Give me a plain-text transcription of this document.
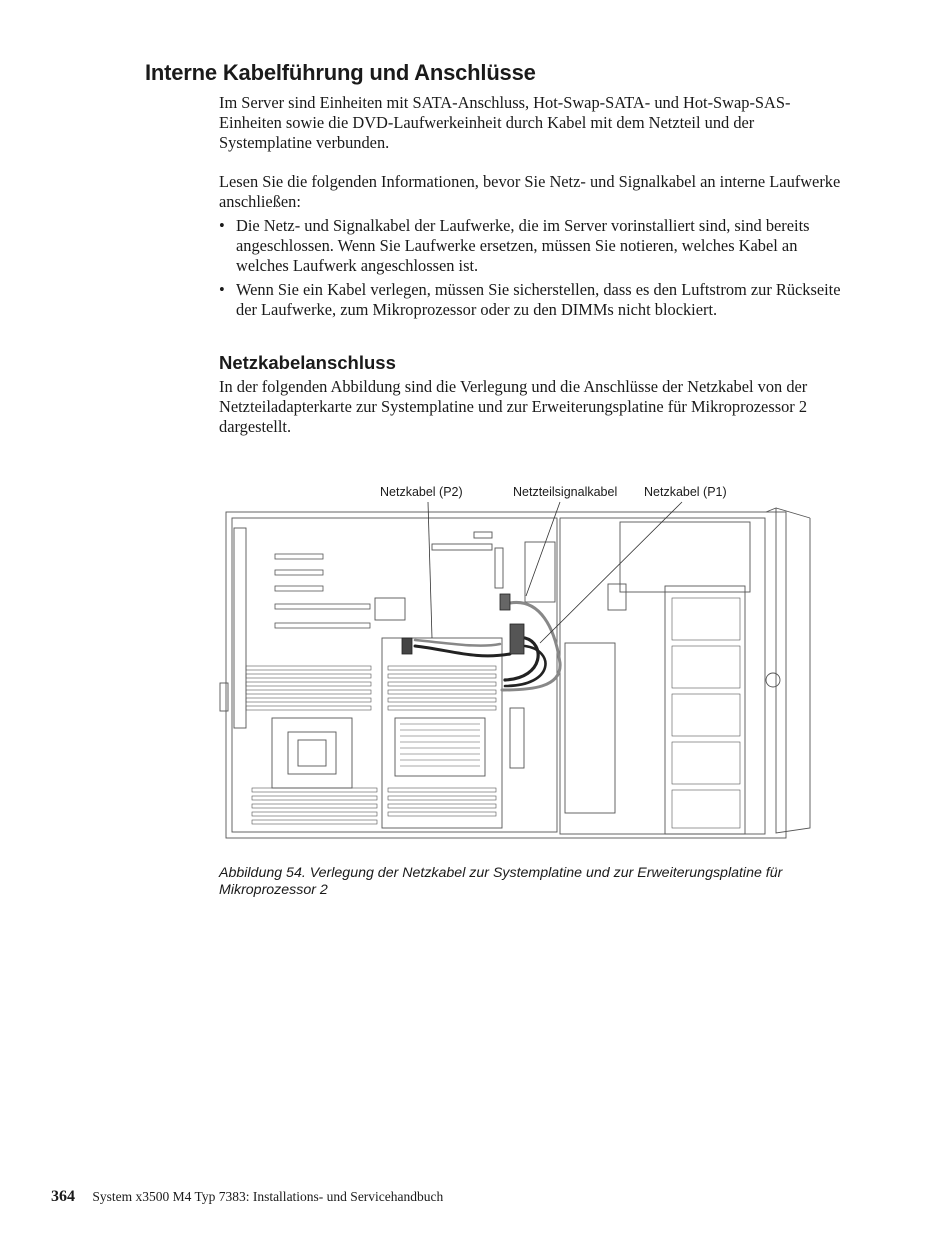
Interne Kabelführung und Anschlüsse

Im Server sind Einheiten mit SATA-Anschluss, Hot-Swap-SATA- und Hot-Swap-SAS-Einheiten sowie die DVD-Laufwerkeinheit durch Kabel mit dem Netzteil und der Systemplatine verbunden.

Lesen Sie die folgenden Informationen, bevor Sie Netz- und Signalkabel an interne Laufwerke anschließen:

• Die Netz- und Signalkabel der Laufwerke, die im Server vorinstalliert sind, sind bereits angeschlossen. Wenn Sie Laufwerke ersetzen, müssen Sie notieren, welches Kabel an welches Laufwerk angeschlossen ist.
• Wenn Sie ein Kabel verlegen, müssen Sie sicherstellen, dass es den Luftstrom zur Rückseite der Laufwerke, zum Mikroprozessor oder zu den DIMMs nicht blockiert.
Netzkabelanschluss

In der folgenden Abbildung sind die Verlegung und die Anschlüsse der Netzkabel von der Netzteiladapterkarte zur Systemplatine und zur Erweiterungsplatine für Mikroprozessor 2 dargestellt.

Netzkabel (P2)	Netzteilsignalkabel Netzkabel (P1)

Abbildung 54. Verlegung der Netzkabel zur Systemplatine und zur Erweiterungsplatine für Mikroprozessor 2

364 System x3500 M4 Typ 7383: Installations- und Servicehandbuch
